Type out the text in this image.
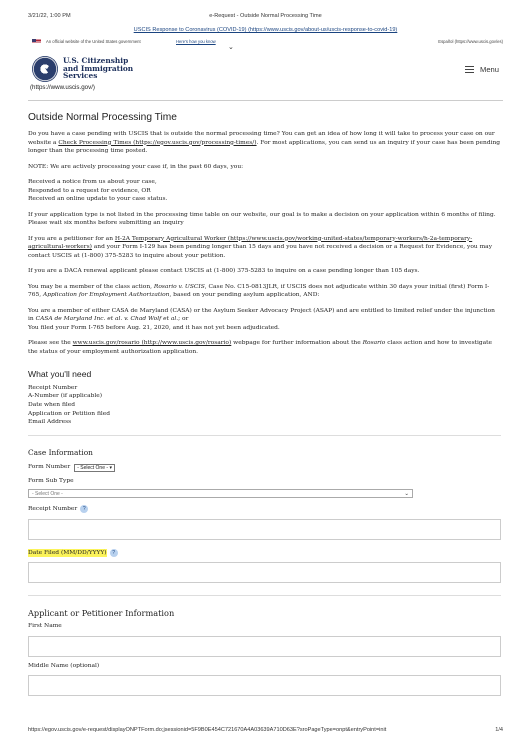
3/21/22, 1:00 PM	e-Request - Outside Normal Processing Time
USCIS Response to Coronavirus (COVID-19) (https://www.uscis.gov/about-us/uscis-response-to-covid-19)
An official website of the United States government	Here's how you know
⌄
Español (https://www.uscis.gov/es)
U.S. Citizenship
and Immigration
Services
(https://www.uscis.gov/)
Menu
Outside Normal Processing Time

Do you have a case pending with USCIS that is outside the normal processing time? You can get an idea of how long it will take to process your case on our website a Check Processing Times (https://egov.uscis.gov/processing-times/). For most applications, you can send us an inquiry if your case has been pending longer than the processing time posted.

NOTE: We are actively processing your case if, in the past 60 days, you:

Received a notice from us about your case,
Responded to a request for evidence, OR
Received an online update to your case status.

If your application type is not listed in the processing time table on our website, our goal is to make a decision on your application within 6 months of filing. Please wait six months before submitting an inquiry

If you are a petitioner for an H-2A Temporary Agricultural Worker (https://www.uscis.gov/working-united-states/temporary-workers/h-2a-temporary-agricultural-workers) and your Form I-129 has been pending longer than 15 days and you have not received a decision or a Request for Evidence, you may contact USCIS at (1-800) 375-5283 to inquire about your petition.

If you are a DACA renewal applicant please contact USCIS at (1-800) 375-5283 to inquire on a case pending longer than 105 days.

You may be a member of the class action, Rosario v. USCIS, Case No. C15-0813JLR, if USCIS does not adjudicate within 30 days your initial (first) Form I-765, Application for Employment Authorization, based on your pending asylum application, AND:

You are a member of either CASA de Maryland (CASA) or the Asylum Seeker Advocacy Project (ASAP) and are entitled to limited relief under the injunction in CASA de Maryland Inc. et al. v. Chad Wolf et al.; or
You filed your Form I-765 before Aug. 21, 2020, and it has not yet been adjudicated.

Please see the www.uscis.gov/rosario (http://www.uscis.gov/rosario) webpage for further information about the Rosario class action and how to investigate the status of your employment authorization application.

What you'll need
Receipt Number
A-Number (if applicable)
Date when filed
Application or Petition filed
Email Address
Case Information
Form Number	- Select One - ▾
Form Sub Type
- Select One -	⌄
Receipt Number	?
Date Filed (MM/DD/YYYY)	?
Applicant or Petitioner Information
First Name
Middle Name (optional)
https://egov.uscis.gov/e-request/displayONPTForm.do;jsessionid=5F9B0E454C721670A4A03639A710D63E?sroPageType=onpt&entryPoint=init	1/4
